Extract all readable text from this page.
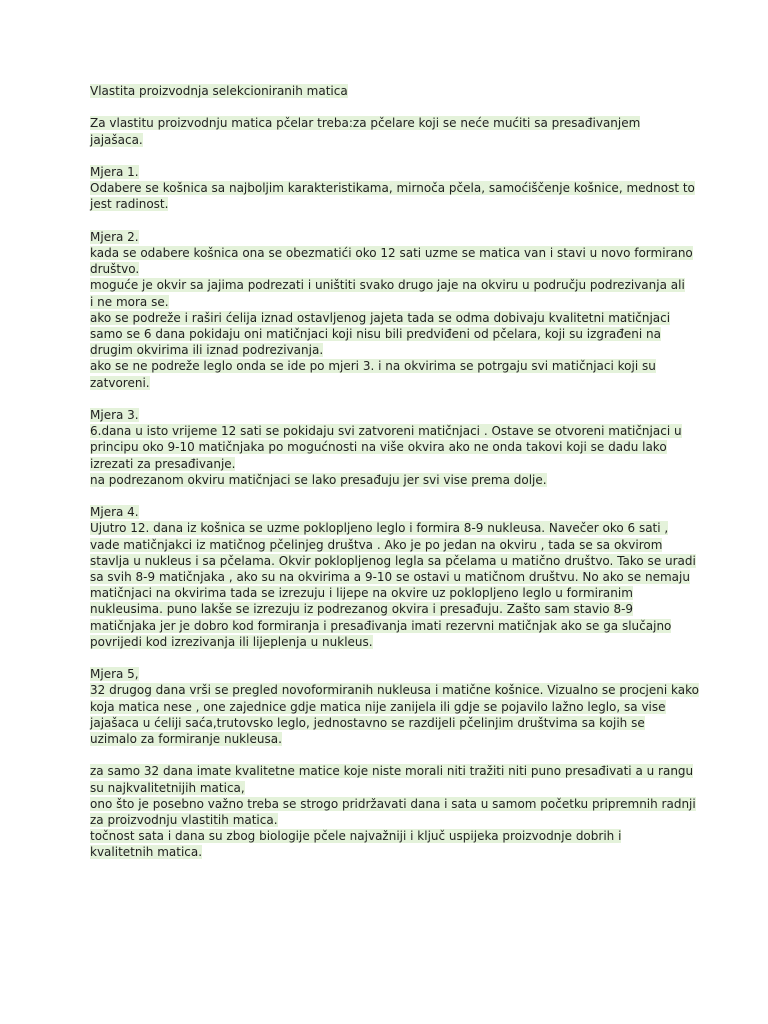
Vlastita proizvodnja selekcioniranih matica

Za vlastitu proizvodnju matica pčelar treba:za pčelare koji se neće mućiti sa presađivanjem
jajašaca.

Mjera 1.
Odabere se košnica sa najboljim karakteristikama, mirnoča pčela, samoćiščenje košnice, mednost to
jest radinost.

Mjera 2.
kada se odabere košnica ona se obezmatići oko 12 sati uzme se matica van i stavi u novo formirano
društvo.
moguće je okvir sa jajima podrezati i uništiti svako drugo jaje na okviru u području podrezivanja ali
i ne mora se.
ako se podreže i raširi ćelija iznad ostavljenog jajeta tada se odma dobivaju kvalitetni matičnjaci
samo se 6 dana pokidaju oni matičnjaci koji nisu bili predviđeni od pčelara, koji su izgrađeni na
drugim okvirima ili iznad podrezivanja.
ako se ne podreže leglo onda se ide po mjeri 3. i na okvirima se potrgaju svi matičnjaci koji su
zatvoreni.

Mjera 3.
6.dana u isto vrijeme 12 sati se pokidaju svi zatvoreni matičnjaci . Ostave se otvoreni matičnjaci u
principu oko 9-10 matičnjaka po mogućnosti na više okvira ako ne onda takovi koji se dadu lako
izrezati za presađivanje.
na podrezanom okviru matičnjaci se lako presađuju jer svi vise prema dolje.

Mjera 4.
Ujutro 12. dana iz košnica se uzme poklopljeno leglo i formira 8-9 nukleusa. Navečer oko 6 sati ,
vade matičnjakci iz matičnog pčelinjeg društva . Ako je po jedan na okviru , tada se sa okvirom
stavlja u nukleus i sa pčelama. Okvir poklopljenog legla sa pčelama u matično društvo. Tako se uradi
sa svih 8-9 matičnjaka , ako su na okvirima a 9-10 se ostavi u matičnom društvu. No ako se nemaju
matičnjaci na okvirima tada se izrezuju i lijepe na okvire uz poklopljeno leglo u formiranim
nukleusima. puno lakše se izrezuju iz podrezanog okvira i presađuju. Zašto sam stavio 8-9
matičnjaka jer je dobro kod formiranja i presađivanja imati rezervni matičnjak ako se ga slučajno
povrijedi kod izrezivanja ili lijeplenja u nukleus.

Mjera 5,
32 drugog dana vrši se pregled novoformiranih nukleusa i matične košnice. Vizualno se procjeni kako
koja matica nese , one zajednice gdje matica nije zanijela ili gdje se pojavilo lažno leglo, sa vise
jajašaca u ćeliji saća,trutovsko leglo, jednostavno se razdijeli pčelinjim društvima sa kojih se
uzimalo za formiranje nukleusa.

za samo 32 dana imate kvalitetne matice koje niste morali niti tražiti niti puno presađivati a u rangu
su najkvalitetnijih matica,
ono što je posebno važno treba se strogo pridržavati dana i sata u samom početku pripremnih radnji
za proizvodnju vlastitih matica.
točnost sata i dana su zbog biologije pčele najvažniji i ključ uspijeka proizvodnje dobrih i
kvalitetnih matica.
